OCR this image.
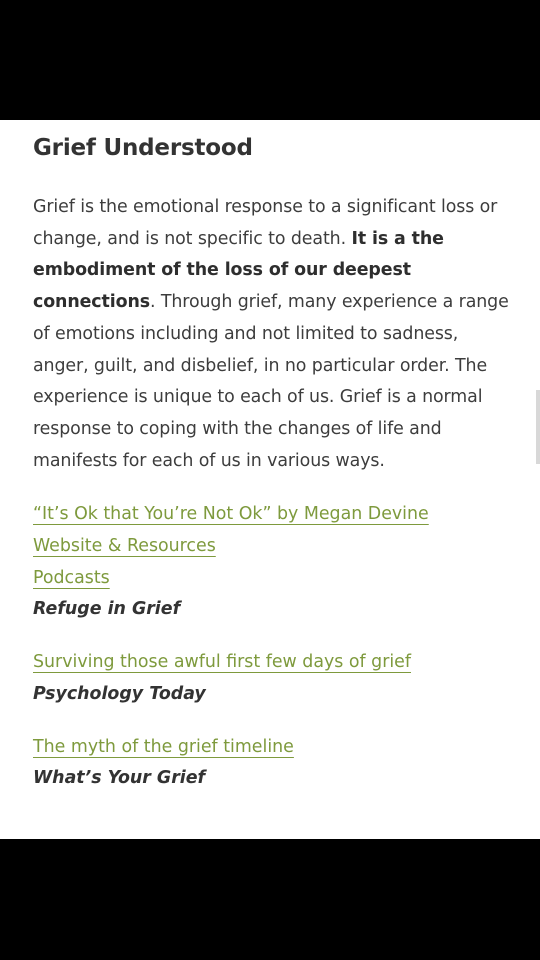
Grief Understood

Grief is the emotional response to a significant loss or change, and is not specific to death. It is a the embodiment of the loss of our deepest connections. Through grief, many experience a range of emotions including and not limited to sadness, anger, guilt, and disbelief, in no particular order. The experience is unique to each of us. Grief is a normal response to coping with the changes of life and manifests for each of us in various ways.

“It’s Ok that You’re Not Ok” by Megan Devine
Website & Resources
Podcasts
Refuge in Grief
Surviving those awful first few days of grief
Psychology Today
The myth of the grief timeline
What’s Your Grief
